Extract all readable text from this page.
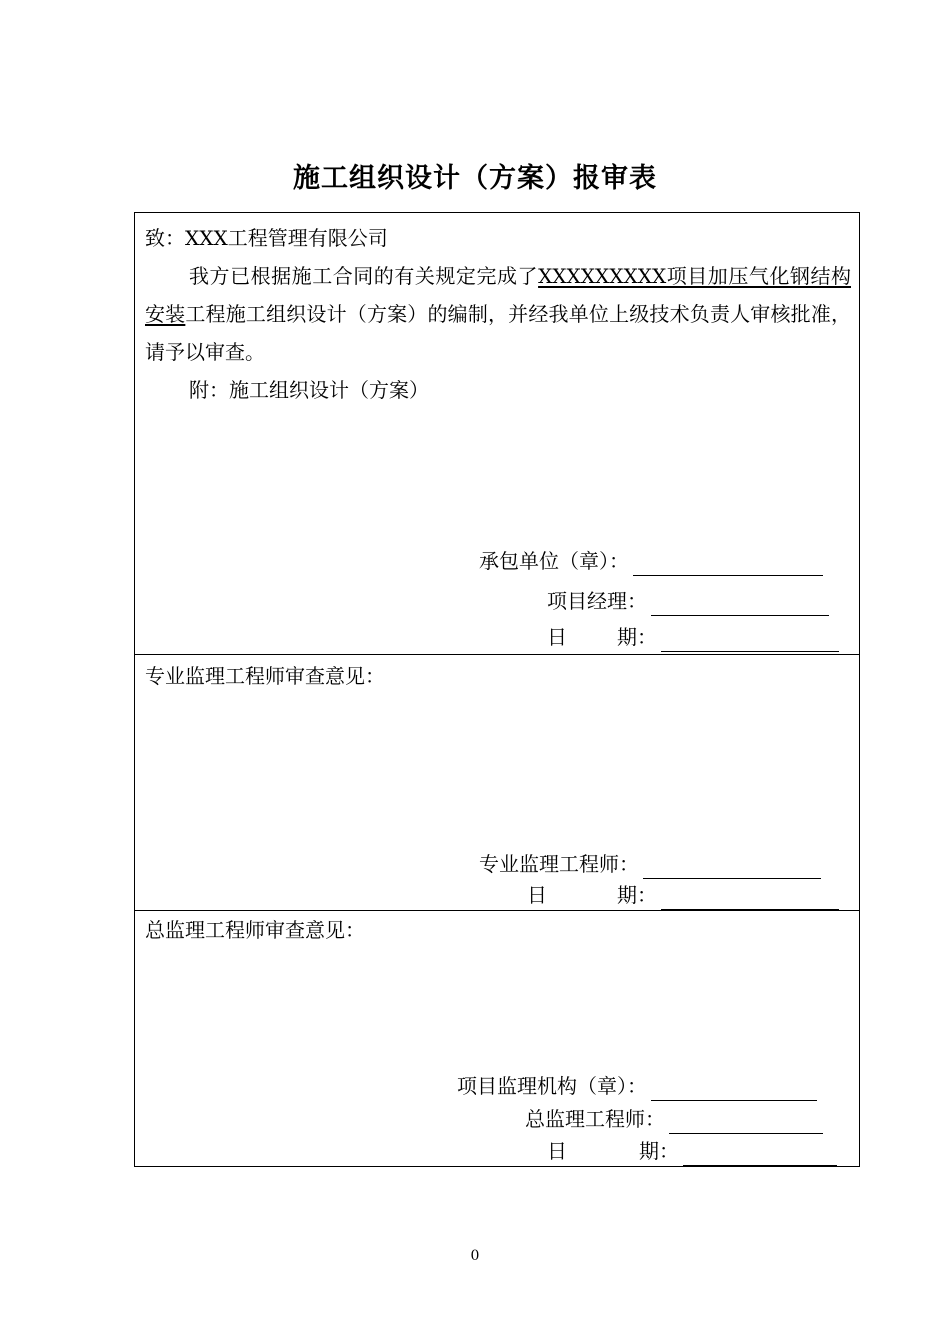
施工组织设计（方案）报审表
致：XXX工程管理有限公司
我方已根据施工合同的有关规定完成了XXXXXXXXX项目加压气化钢结构安装工程施工组织设计（方案）的编制，并经我单位上级技术负责人审核批准，请予以审查。
附：施工组织设计（方案）
承包单位（章）：
项目经理：
日	期：
专业监理工程师审查意见：
专业监理工程师：
日	期：
总监理工程师审查意见：
项目监理机构（章）：
总监理工程师：
日	期：
0
